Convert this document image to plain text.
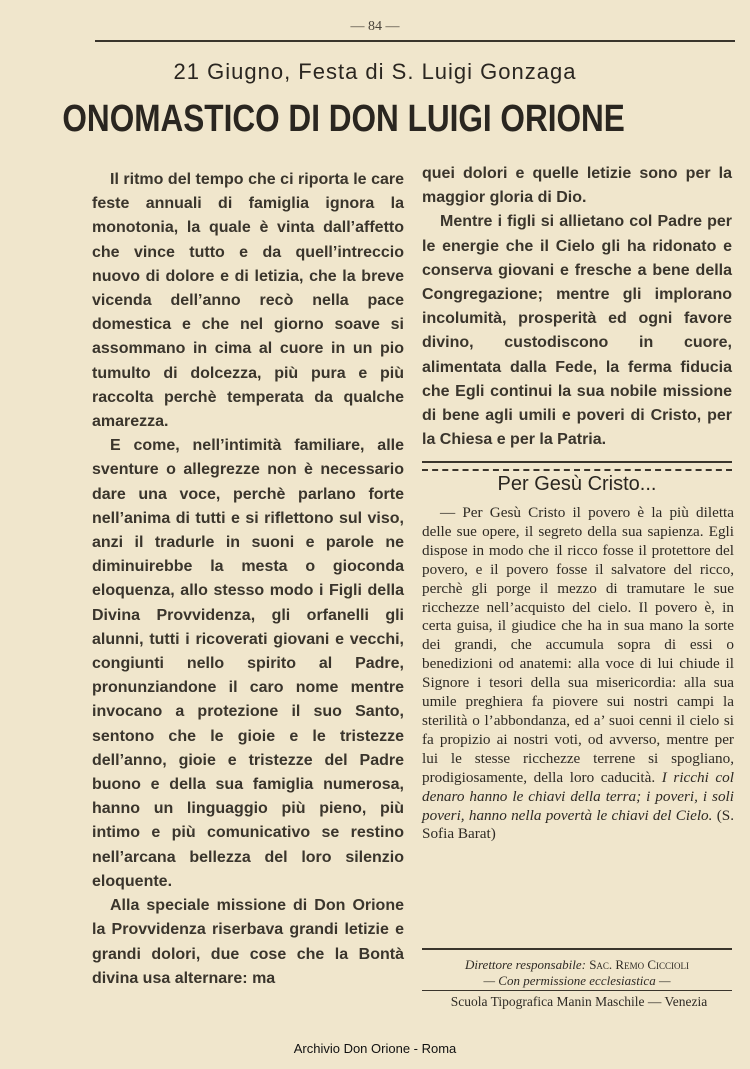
— 84 —
21 Giugno, Festa di S. Luigi Gonzaga
ONOMASTICO DI DON LUIGI ORIONE

Il ritmo del tempo che ci riporta le care feste annuali di famiglia ignora la monotonia, la quale è vinta dall’affetto che vince tutto e da quell’intreccio nuovo di dolore e di letizia, che la breve vicenda dell’anno recò nella pace domestica e che nel giorno soave si assommano in cima al cuore in un pio tumulto di dolcezza, più pura e più raccolta perchè temperata da qualche amarezza.

E come, nell’intimità familiare, alle sventure o allegrezze non è necessario dare una voce, perchè parlano forte nell’anima di tutti e si riflettono sul viso, anzi il tradurle in suoni e parole ne diminuirebbe la mesta o gioconda eloquenza, allo stesso modo i Figli della Divina Provvidenza, gli orfanelli gli alunni, tutti i ricoverati giovani e vecchi, congiunti nello spirito al Padre, pronunziandone il caro nome mentre invocano a protezione il suo Santo, sentono che le gioie e le tristezze dell’anno, gioie e tristezze del Padre buono e della sua famiglia numerosa, hanno un linguaggio più pieno, più intimo e più comunicativo se restino nell’arcana bellezza del loro silenzio eloquente.

Alla speciale missione di Don Orione la Provvidenza riserbava grandi letizie e grandi dolori, due cose che la Bontà divina usa alternare: ma

quei dolori e quelle letizie sono per la maggior gloria di Dio.

Mentre i figli si allietano col Padre per le energie che il Cielo gli ha ridonato e conserva giovani e fresche a bene della Congregazione; mentre gli implorano incolumità, prosperità ed ogni favore divino, custodiscono in cuore, alimentata dalla Fede, la ferma fiducia che Egli continui la sua nobile missione di bene agli umili e poveri di Cristo, per la Chiesa e per la Patria.

Per Gesù Cristo...

— Per Gesù Cristo il povero è la più diletta delle sue opere, il segreto della sua sapienza. Egli dispose in modo che il ricco fosse il protettore del povero, e il povero fosse il salvatore del ricco, perchè gli porge il mezzo di tramutare le sue ricchezze nell’acquisto del cielo. Il povero è, in certa guisa, il giudice che ha in sua mano la sorte dei grandi, che accumula sopra di essi o benedizioni od anatemi: alla voce di lui chiude il Signore i tesori della sua misericordia: alla sua umile preghiera fa piovere sui nostri campi la sterilità o l’abbondanza, ed a’ suoi cenni il cielo si fa propizio ai nostri voti, od avverso, mentre per lui le stesse ricchezze terrene si spogliano, prodigiosamente, della loro caducità. I ricchi col denaro hanno le chiavi della terra; i poveri, i soli poveri, hanno nella povertà le chiavi del Cielo. (S. Sofia Barat)

Direttore responsabile: Sac. Remo Ciccioli
— Con permissione ecclesiastica —
Scuola Tipografica Manin Maschile — Venezia
Archivio Don Orione - Roma
